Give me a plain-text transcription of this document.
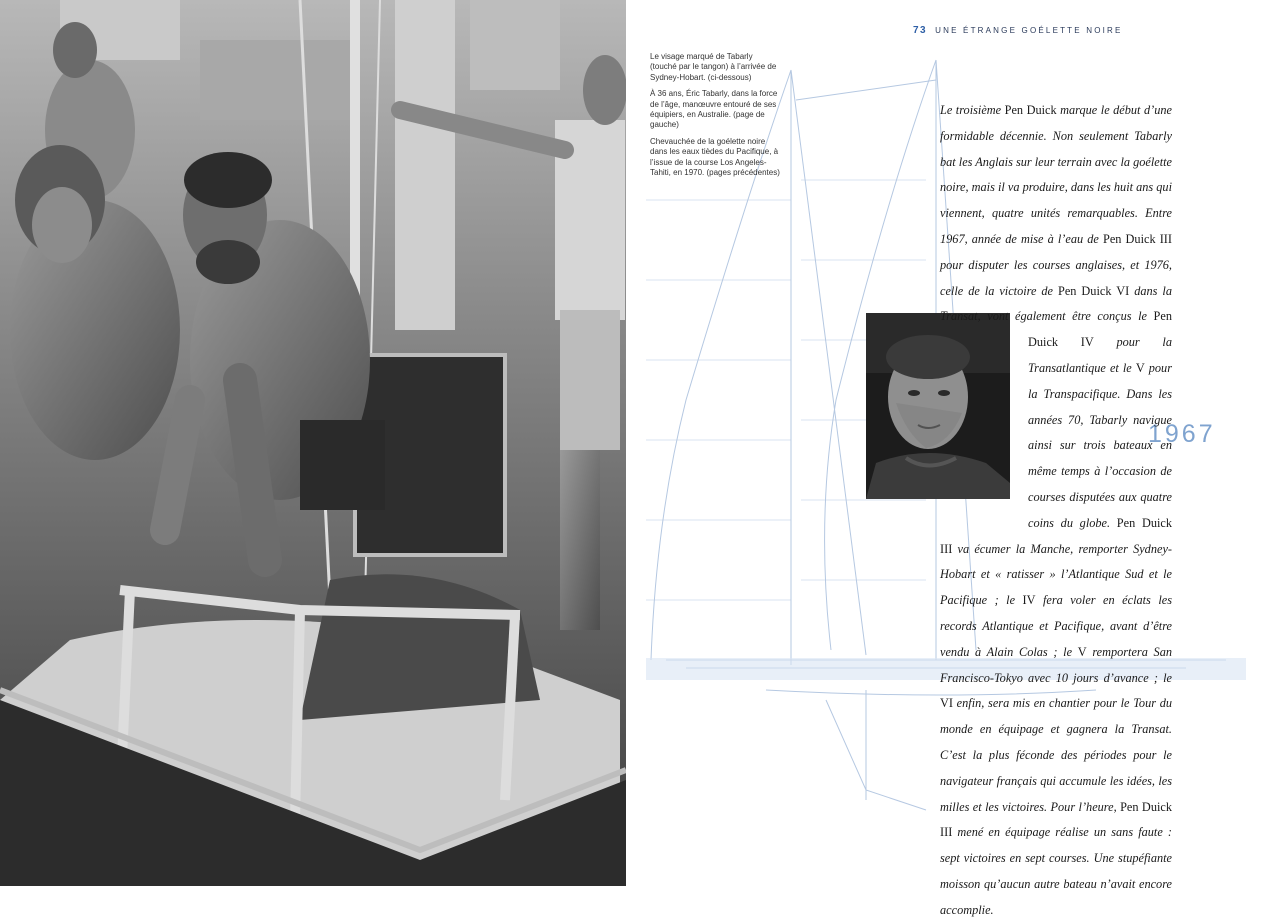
73 UNE ÉTRANGE GOÉLETTE NOIRE

Le visage marqué de Tabarly (touché par le tangon) à l’arrivée de Sydney-Hobart. (ci-dessous)

À 36 ans, Éric Tabarly, dans la force de l’âge, manœuvre entouré de ses équipiers, en Australie. (page de gauche)

Chevauchée de la goélette noire dans les eaux tièdes du Pacifique, à l’issue de la course Los Angeles-Tahiti, en 1970. (pages précédentes)

1967

Le troisième Pen Duick marque le début d’une formidable décennie. Non seulement Tabarly bat les Anglais sur leur terrain avec la goélette noire, mais il va produire, dans les huit ans qui viennent, quatre unités remarquables. Entre 1967, année de mise à l’eau de Pen Duick III pour disputer les courses anglaises, et 1976, celle de la victoire de Pen Duick VI dans la Transat, vont également être conçus le
Pen Duick IV pour la Transatlantique et le V pour la Transpacifique. Dans les années 70, Tabarly navigue ainsi sur trois bateaux en même temps à l’occasion de courses disputées aux quatre coins du globe. Pen Duick III va écumer la Manche, remporter Sydney-Hobart et « ratisser » l’Atlantique Sud et le Pacifique ; le IV fera voler en éclats les records Atlantique et Pacifique, avant d’être vendu à Alain Colas ; le V remportera San Francisco-Tokyo avec 10 jours d’avance ; le VI enfin, sera mis en chantier pour le Tour du monde en équipage et gagnera la Transat. C’est la plus féconde des périodes pour le navigateur français qui accumule les idées, les milles et les victoires. Pour l’heure, Pen Duick III mené en équipage réalise un sans faute : sept victoires en sept courses. Une stupéfiante moisson qu’aucun autre bateau n’avait encore accomplie.
